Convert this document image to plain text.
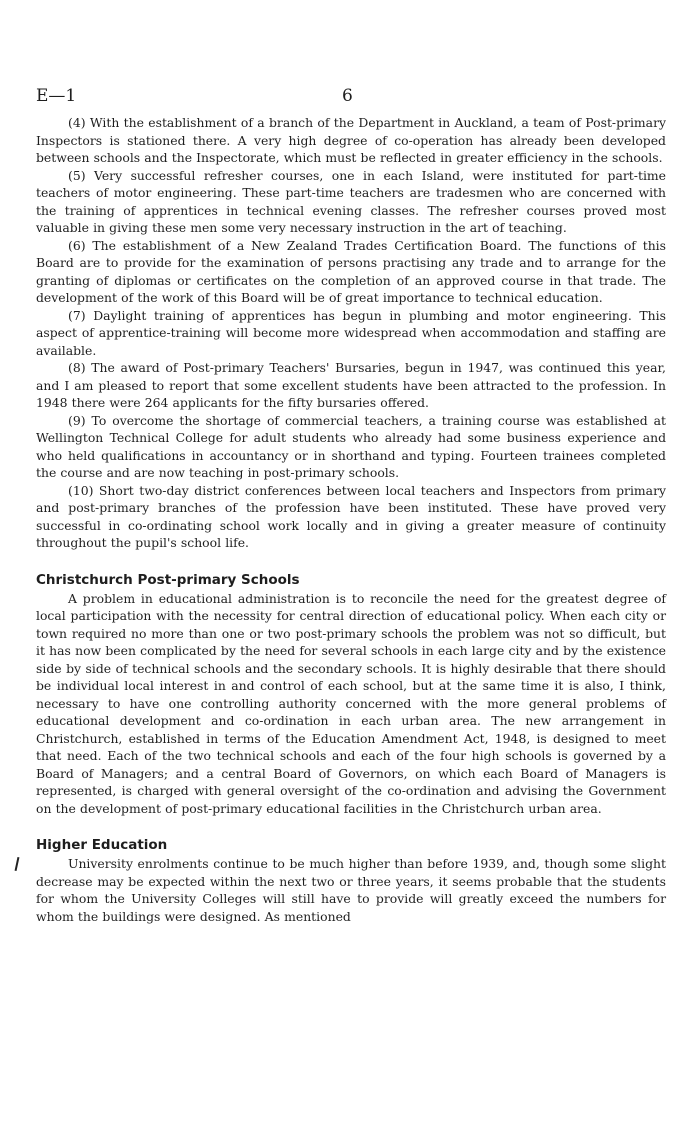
E—1	6

(4) With the establishment of a branch of the Department in Auckland, a team of Post-primary Inspectors is stationed there. A very high degree of co-operation has already been developed between schools and the Inspectorate, which must be reflected in greater efficiency in the schools.

(5) Very successful refresher courses, one in each Island, were instituted for part-time teachers of motor engineering. These part-time teachers are tradesmen who are concerned with the training of apprentices in technical evening classes. The refresher courses proved most valuable in giving these men some very necessary instruction in the art of teaching.

(6) The establishment of a New Zealand Trades Certification Board. The functions of this Board are to provide for the examination of persons practising any trade and to arrange for the granting of diplomas or certificates on the completion of an approved course in that trade. The development of the work of this Board will be of great importance to technical education.

(7) Daylight training of apprentices has begun in plumbing and motor engineering. This aspect of apprentice-training will become more widespread when accommodation and staffing are available.

(8) The award of Post-primary Teachers' Bursaries, begun in 1947, was continued this year, and I am pleased to report that some excellent students have been attracted to the profession. In 1948 there were 264 applicants for the fifty bursaries offered.

(9) To overcome the shortage of commercial teachers, a training course was established at Wellington Technical College for adult students who already had some business experience and who held qualifications in accountancy or in shorthand and typing. Fourteen trainees completed the course and are now teaching in post-primary schools.

(10) Short two-day district conferences between local teachers and Inspectors from primary and post-primary branches of the profession have been instituted. These have proved very successful in co-ordinating school work locally and in giving a greater measure of continuity throughout the pupil's school life.

Christchurch Post-primary Schools

A problem in educational administration is to reconcile the need for the greatest degree of local participation with the necessity for central direction of educational policy. When each city or town required no more than one or two post-primary schools the problem was not so difficult, but it has now been complicated by the need for several schools in each large city and by the existence side by side of technical schools and the secondary schools. It is highly desirable that there should be individual local interest in and control of each school, but at the same time it is also, I think, necessary to have one controlling authority concerned with the more general problems of educational development and co-ordination in each urban area. The new arrangement in Christchurch, established in terms of the Education Amendment Act, 1948, is designed to meet that need. Each of the two technical schools and each of the four high schools is governed by a Board of Managers; and a central Board of Governors, on which each Board of Managers is represented, is charged with general oversight of the co-ordination and advising the Government on the development of post-primary educational facilities in the Christchurch urban area.

Higher Education

University enrolments continue to be much higher than before 1939, and, though some slight decrease may be expected within the next two or three years, it seems probable that the students for whom the University Colleges will still have to provide will greatly exceed the numbers for whom the buildings were designed. As mentioned
